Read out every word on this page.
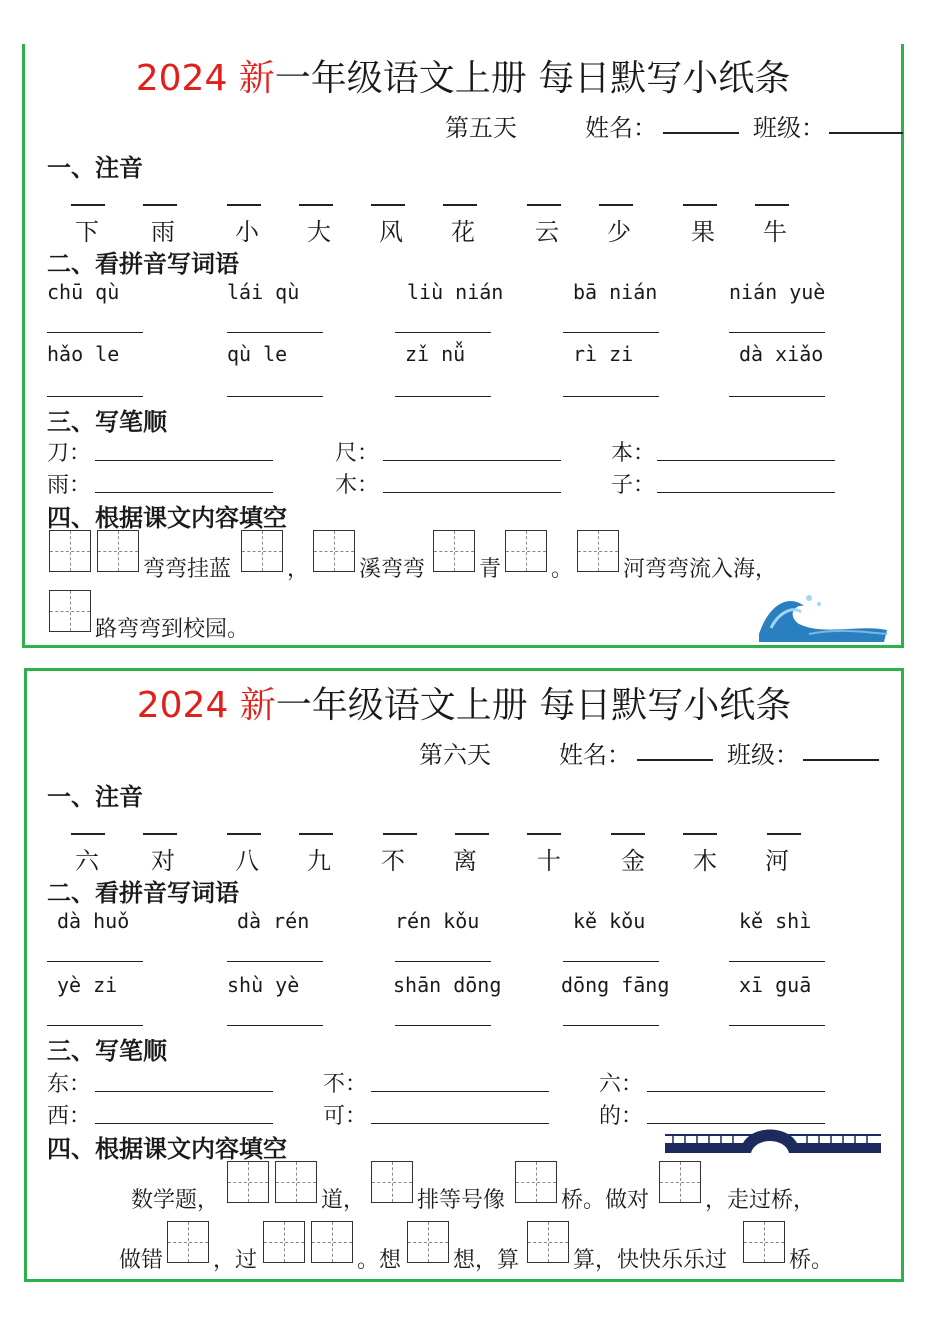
2024 新一年级语文上册 每日默写小纸条
第五天	姓名：	班级：
一、注音
下	雨	小	大	风	花	云	少	果	牛
二、看拼音写词语
chū qù	lái qù	liù nián	bā nián	nián yuè
hǎo le	qù le	zǐ nǚ	rì zi	dà xiǎo
三、写笔顺
刀：	尺：	本：
雨：	木：	子：
四、根据课文内容填空
弯弯挂蓝	， 溪弯弯 青 。 河弯弯流入海，
路弯弯到校园。
2024 新一年级语文上册 每日默写小纸条
第六天	姓名：	班级：
一、注音
六	对	八	九	不	离	十	金	木	河
二、看拼音写词语
dà huǒ	dà rén	rén kǒu	kě kǒu	kě shì
yè zi	shù yè	shān dōng	dōng fāng	xī guā
三、写笔顺
东：	不：	六：
西：	可：	的：
四、根据课文内容填空
数学题，	道， 排等号像	桥。做对	，走过桥，
做错 ，过	。想 想，算 算，快快乐乐过	桥。
